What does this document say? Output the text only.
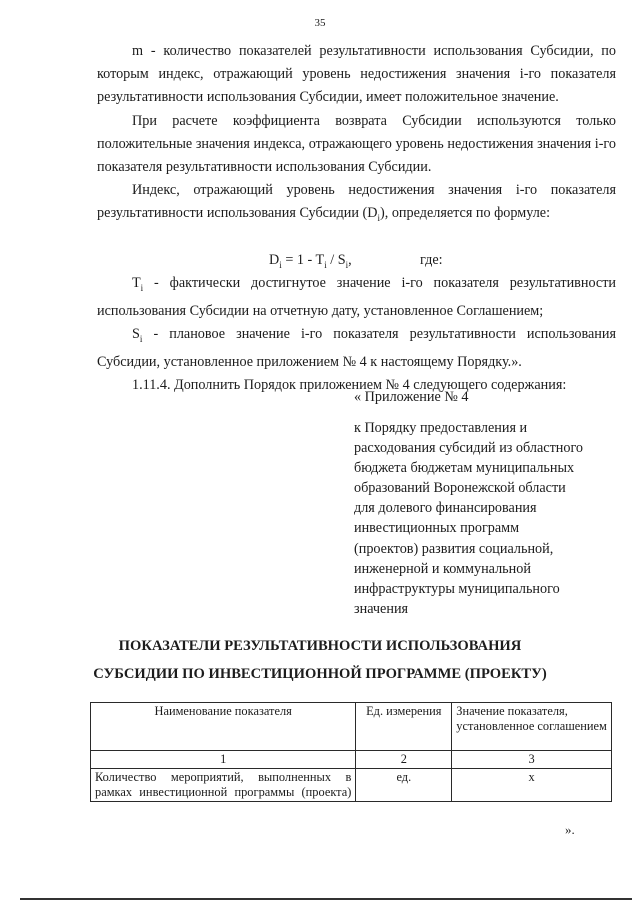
35

m - количество показателей результативности использования Субсидии, по которым индекс, отражающий уровень недостижения значения i-го показателя результативности использования Субсидии, имеет положительное значение.

При расчете коэффициента возврата Субсидии используются только положительные значения индекса, отражающего уровень недостижения значения i-го показателя результативности использования Субсидии.

Индекс, отражающий уровень недостижения значения i-го показателя результативности использования Субсидии $(D_i)$, определяется по формуле:

$D_i = 1 - T_i / S_i$,	где:

$T_i$ - фактически достигнутое значение i-го показателя результативности использования Субсидии на отчетную дату, установленное Соглашением;

$S_i$ - плановое значение i-го показателя результативности использования Субсидии, установленное приложением № 4 к настоящему Порядку.».

1.11.4. Дополнить Порядок приложением № 4 следующего содержания:

« Приложение № 4
к Порядку предоставления и
расходования субсидий из областного
бюджета бюджетам муниципальных
образований Воронежской области
для долевого финансирования
инвестиционных программ
(проектов) развития социальной,
инженерной и коммунальной
инфраструктуры муниципального
значения
ПОКАЗАТЕЛИ РЕЗУЛЬТАТИВНОСТИ ИСПОЛЬЗОВАНИЯ
СУБСИДИИ ПО ИНВЕСТИЦИОННОЙ ПРОГРАММЕ (ПРОЕКТУ)
Наименование показателя	Ед. измерения	Значение показателя, установленное соглашением
1	2	3
Количество мероприятий, выполненных в рамках инвестиционной программы (проекта)	ед.	х
».
